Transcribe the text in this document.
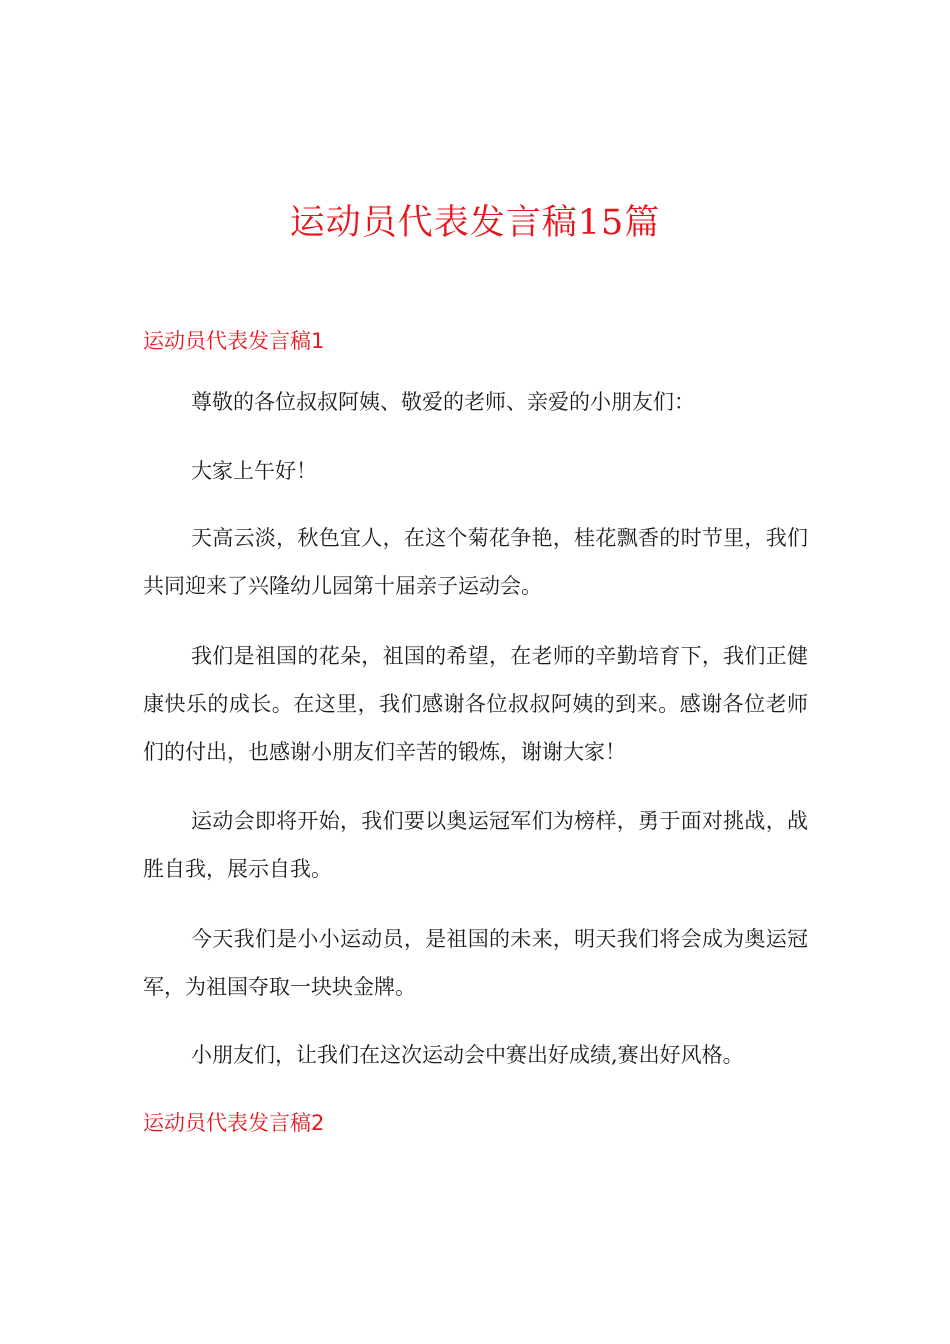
运动员代表发言稿15篇
运动员代表发言稿1

尊敬的各位叔叔阿姨、敬爱的老师、亲爱的小朋友们：

大家上午好！

天高云淡，秋色宜人，在这个菊花争艳，桂花飘香的时节里，我们共同迎来了兴隆幼儿园第十届亲子运动会。

我们是祖国的花朵，祖国的希望，在老师的辛勤培育下，我们正健康快乐的成长。在这里，我们感谢各位叔叔阿姨的到来。感谢各位老师们的付出，也感谢小朋友们辛苦的锻炼，谢谢大家！

运动会即将开始，我们要以奥运冠军们为榜样，勇于面对挑战，战胜自我，展示自我。

今天我们是小小运动员，是祖国的未来，明天我们将会成为奥运冠军，为祖国夺取一块块金牌。

小朋友们，让我们在这次运动会中赛出好成绩,赛出好风格。

运动员代表发言稿2
